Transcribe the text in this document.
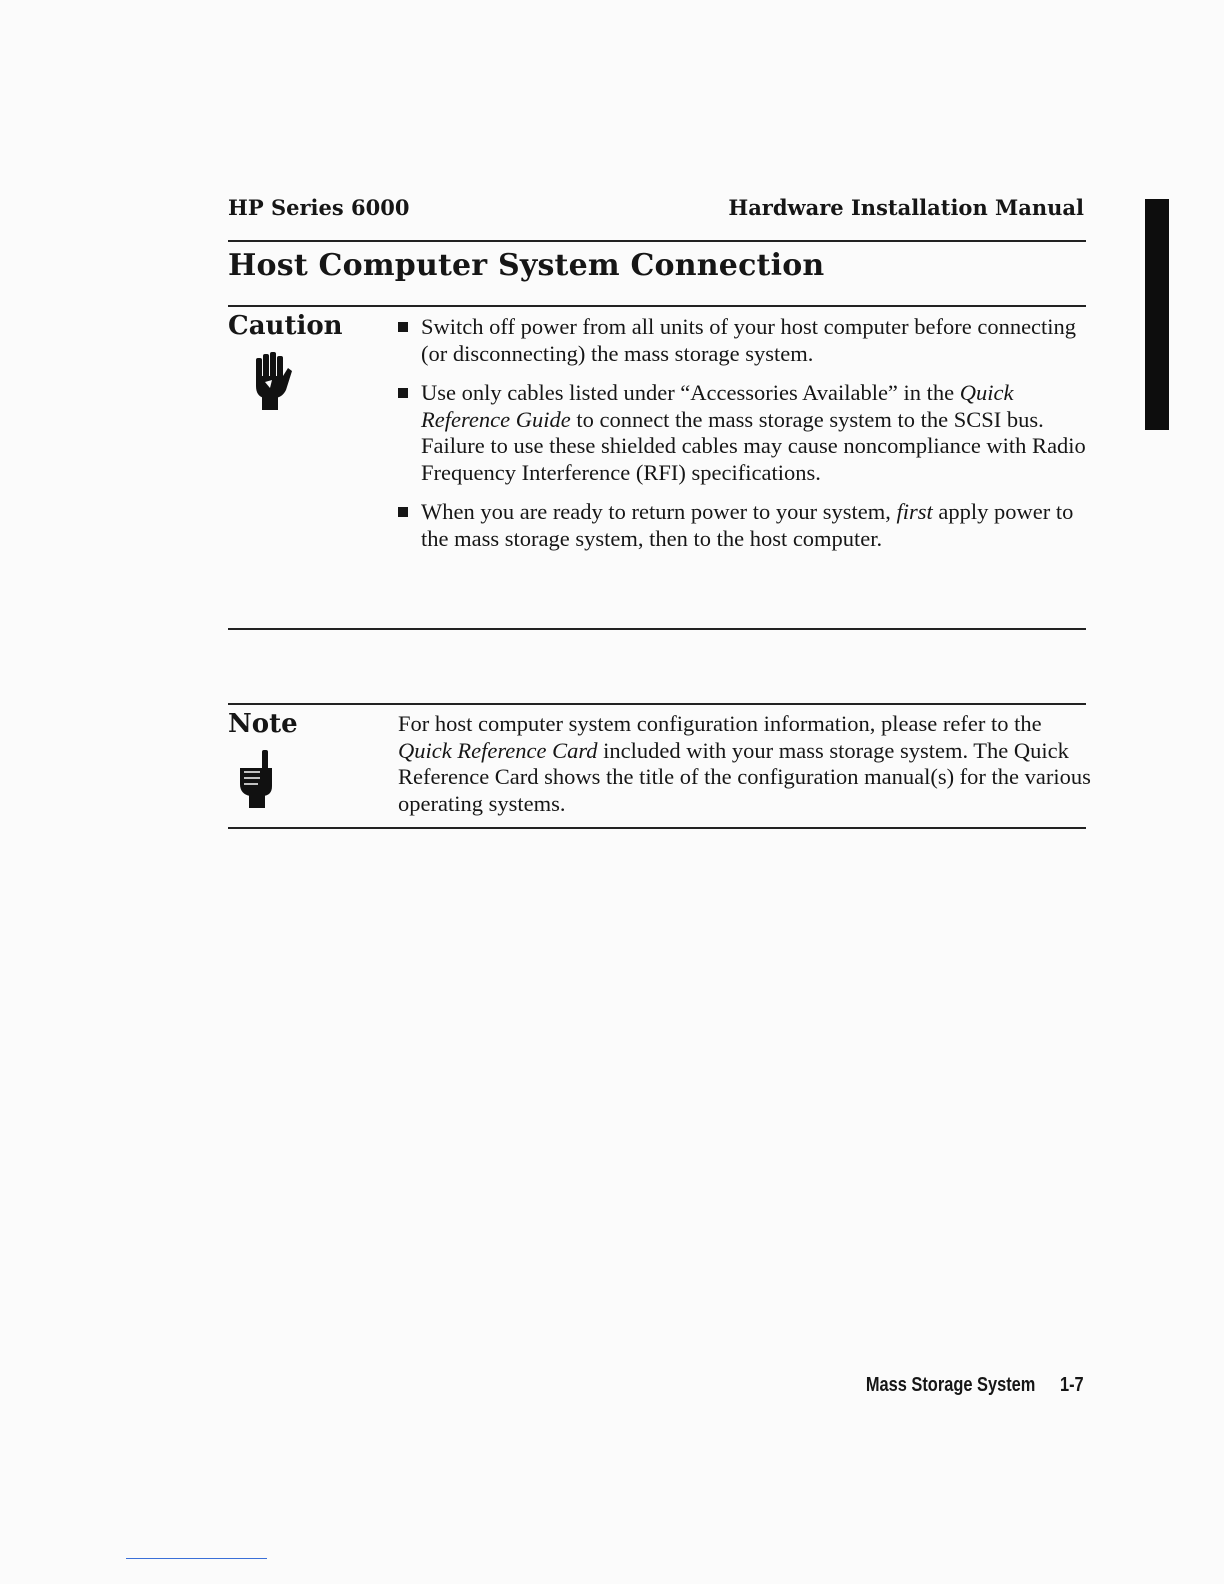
HP Series 6000	Hardware Installation Manual
Host Computer System Connection
Caution	Switch off power from all units of your host computer before connecting (or disconnecting) the mass storage system.
Use only cables listed under “Accessories Available” in the Quick Reference Guide to connect the mass storage system to the SCSI bus. Failure to use these shielded cables may cause noncompliance with Radio Frequency Interference (RFI) specifications.
When you are ready to return power to your system, first apply power to the mass storage system, then to the host computer.
Note	For host computer system configuration information, please refer to the Quick Reference Card included with your mass storage system. The Quick Reference Card shows the title of the configuration manual(s) for the various operating systems.

Mass Storage System 1-7
